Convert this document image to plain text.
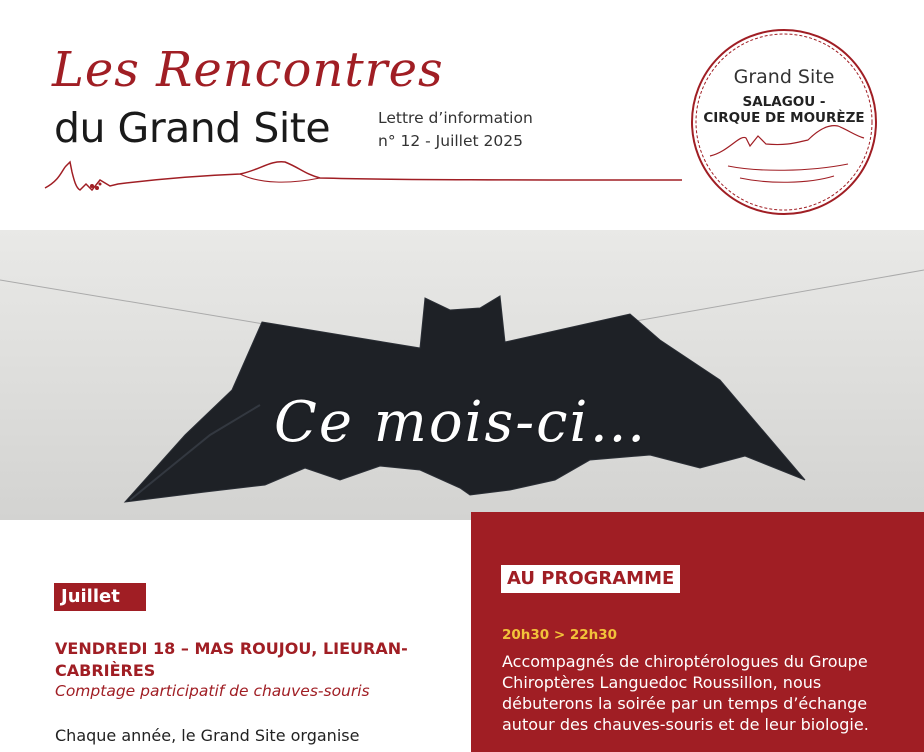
Les Rencontres
du Grand Site	Lettre d’information
n° 12 - Juillet 2025
Grand Site
SALAGOU -
CIRQUE DE MOURÈZE
Ce mois-ci…
Juillet
VENDREDI 18 – MAS ROUJOU, LIEURAN-CABRIÈRES
Comptage participatif de chauves-souris
Chaque année, le Grand Site organise
AU PROGRAMME
20h30 > 22h30
Accompagnés de chiroptérologues du Groupe Chiroptères Languedoc Roussillon, nous débuterons la soirée par un temps d’échange autour des chauves-souris et de leur biologie.
